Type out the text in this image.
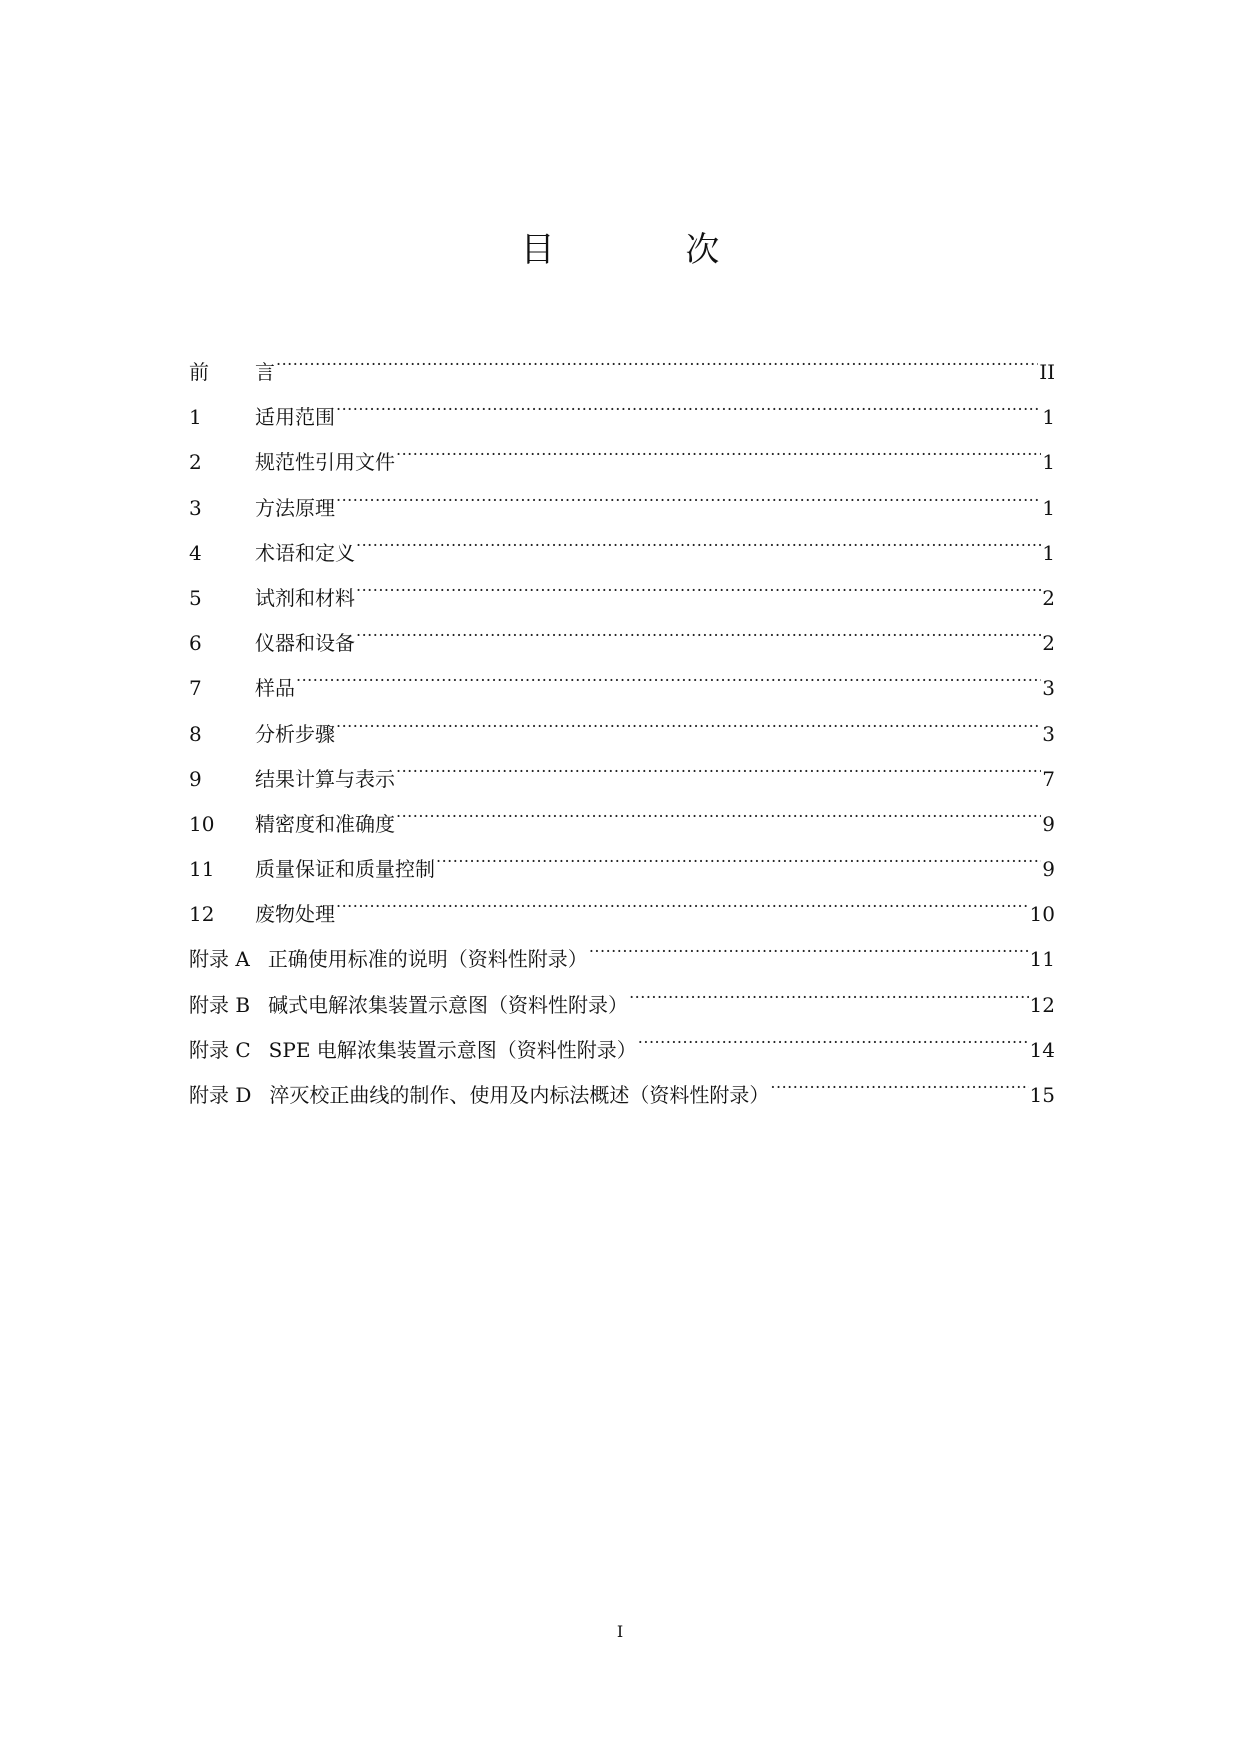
目 次
前	言 .....	II
1	适用范围 .....	1
2	规范性引用文件 .....	1
3	方法原理 .....	1
4	术语和定义 .....	1
5	试剂和材料 .....	2
6	仪器和设备 .....	2
7	样品 .....	3
8	分析步骤 .....	3
9	结果计算与表示 .....	7
10	精密度和准确度 .....	9
11	质量保证和质量控制 .....	9
12	废物处理 .....	10
附录 A 正确使用标准的说明（资料性附录） .....	11
附录 B 碱式电解浓集装置示意图（资料性附录） .....	12
附录 C SPE 电解浓集装置示意图（资料性附录） .....	14
附录 D 淬灭校正曲线的制作、使用及内标法概述（资料性附录） .....	15
I
